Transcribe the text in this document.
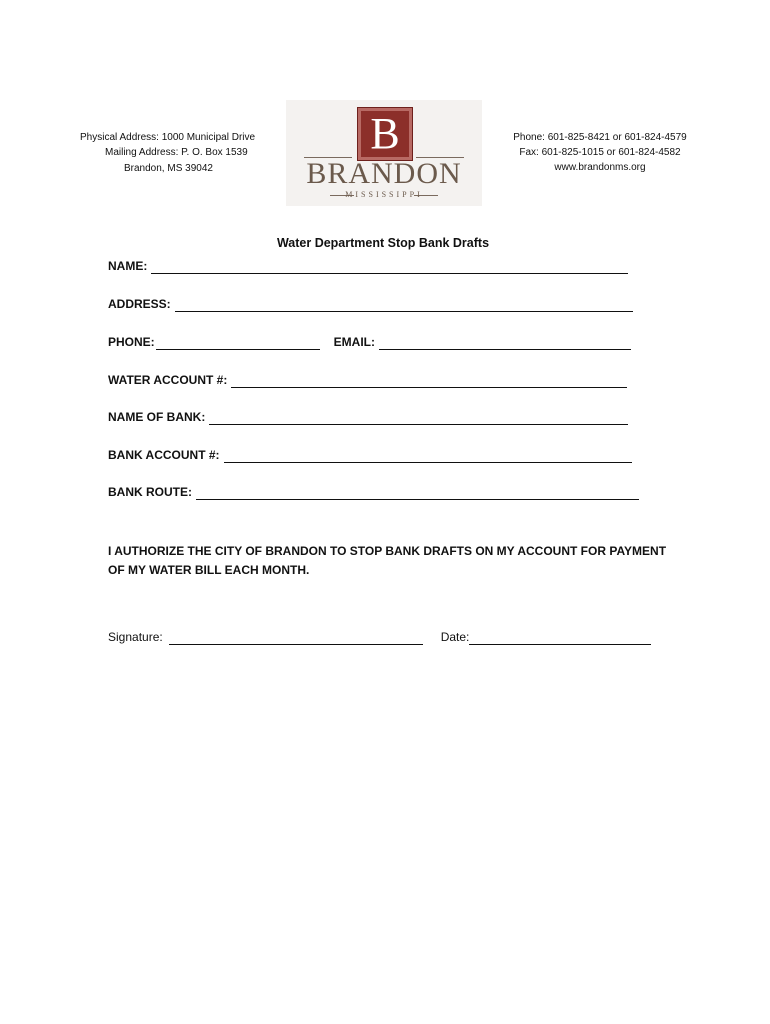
Physical Address: 1000 Municipal Drive
Mailing Address: P. O. Box 1539
Brandon, MS 39042
B
BRANDON
MISSISSIPPI
Phone: 601-825-8421 or 601-824-4579
Fax: 601-825-1015 or 601-824-4582
www.brandonms.org
Water Department Stop Bank Drafts
NAME:
ADDRESS:
PHONE:	EMAIL:
WATER ACCOUNT #:
NAME OF BANK:
BANK ACCOUNT #:
BANK ROUTE:
I AUTHORIZE THE CITY OF BRANDON TO STOP BANK DRAFTS ON MY ACCOUNT FOR PAYMENT OF MY WATER BILL EACH MONTH.
Signature:	Date:
